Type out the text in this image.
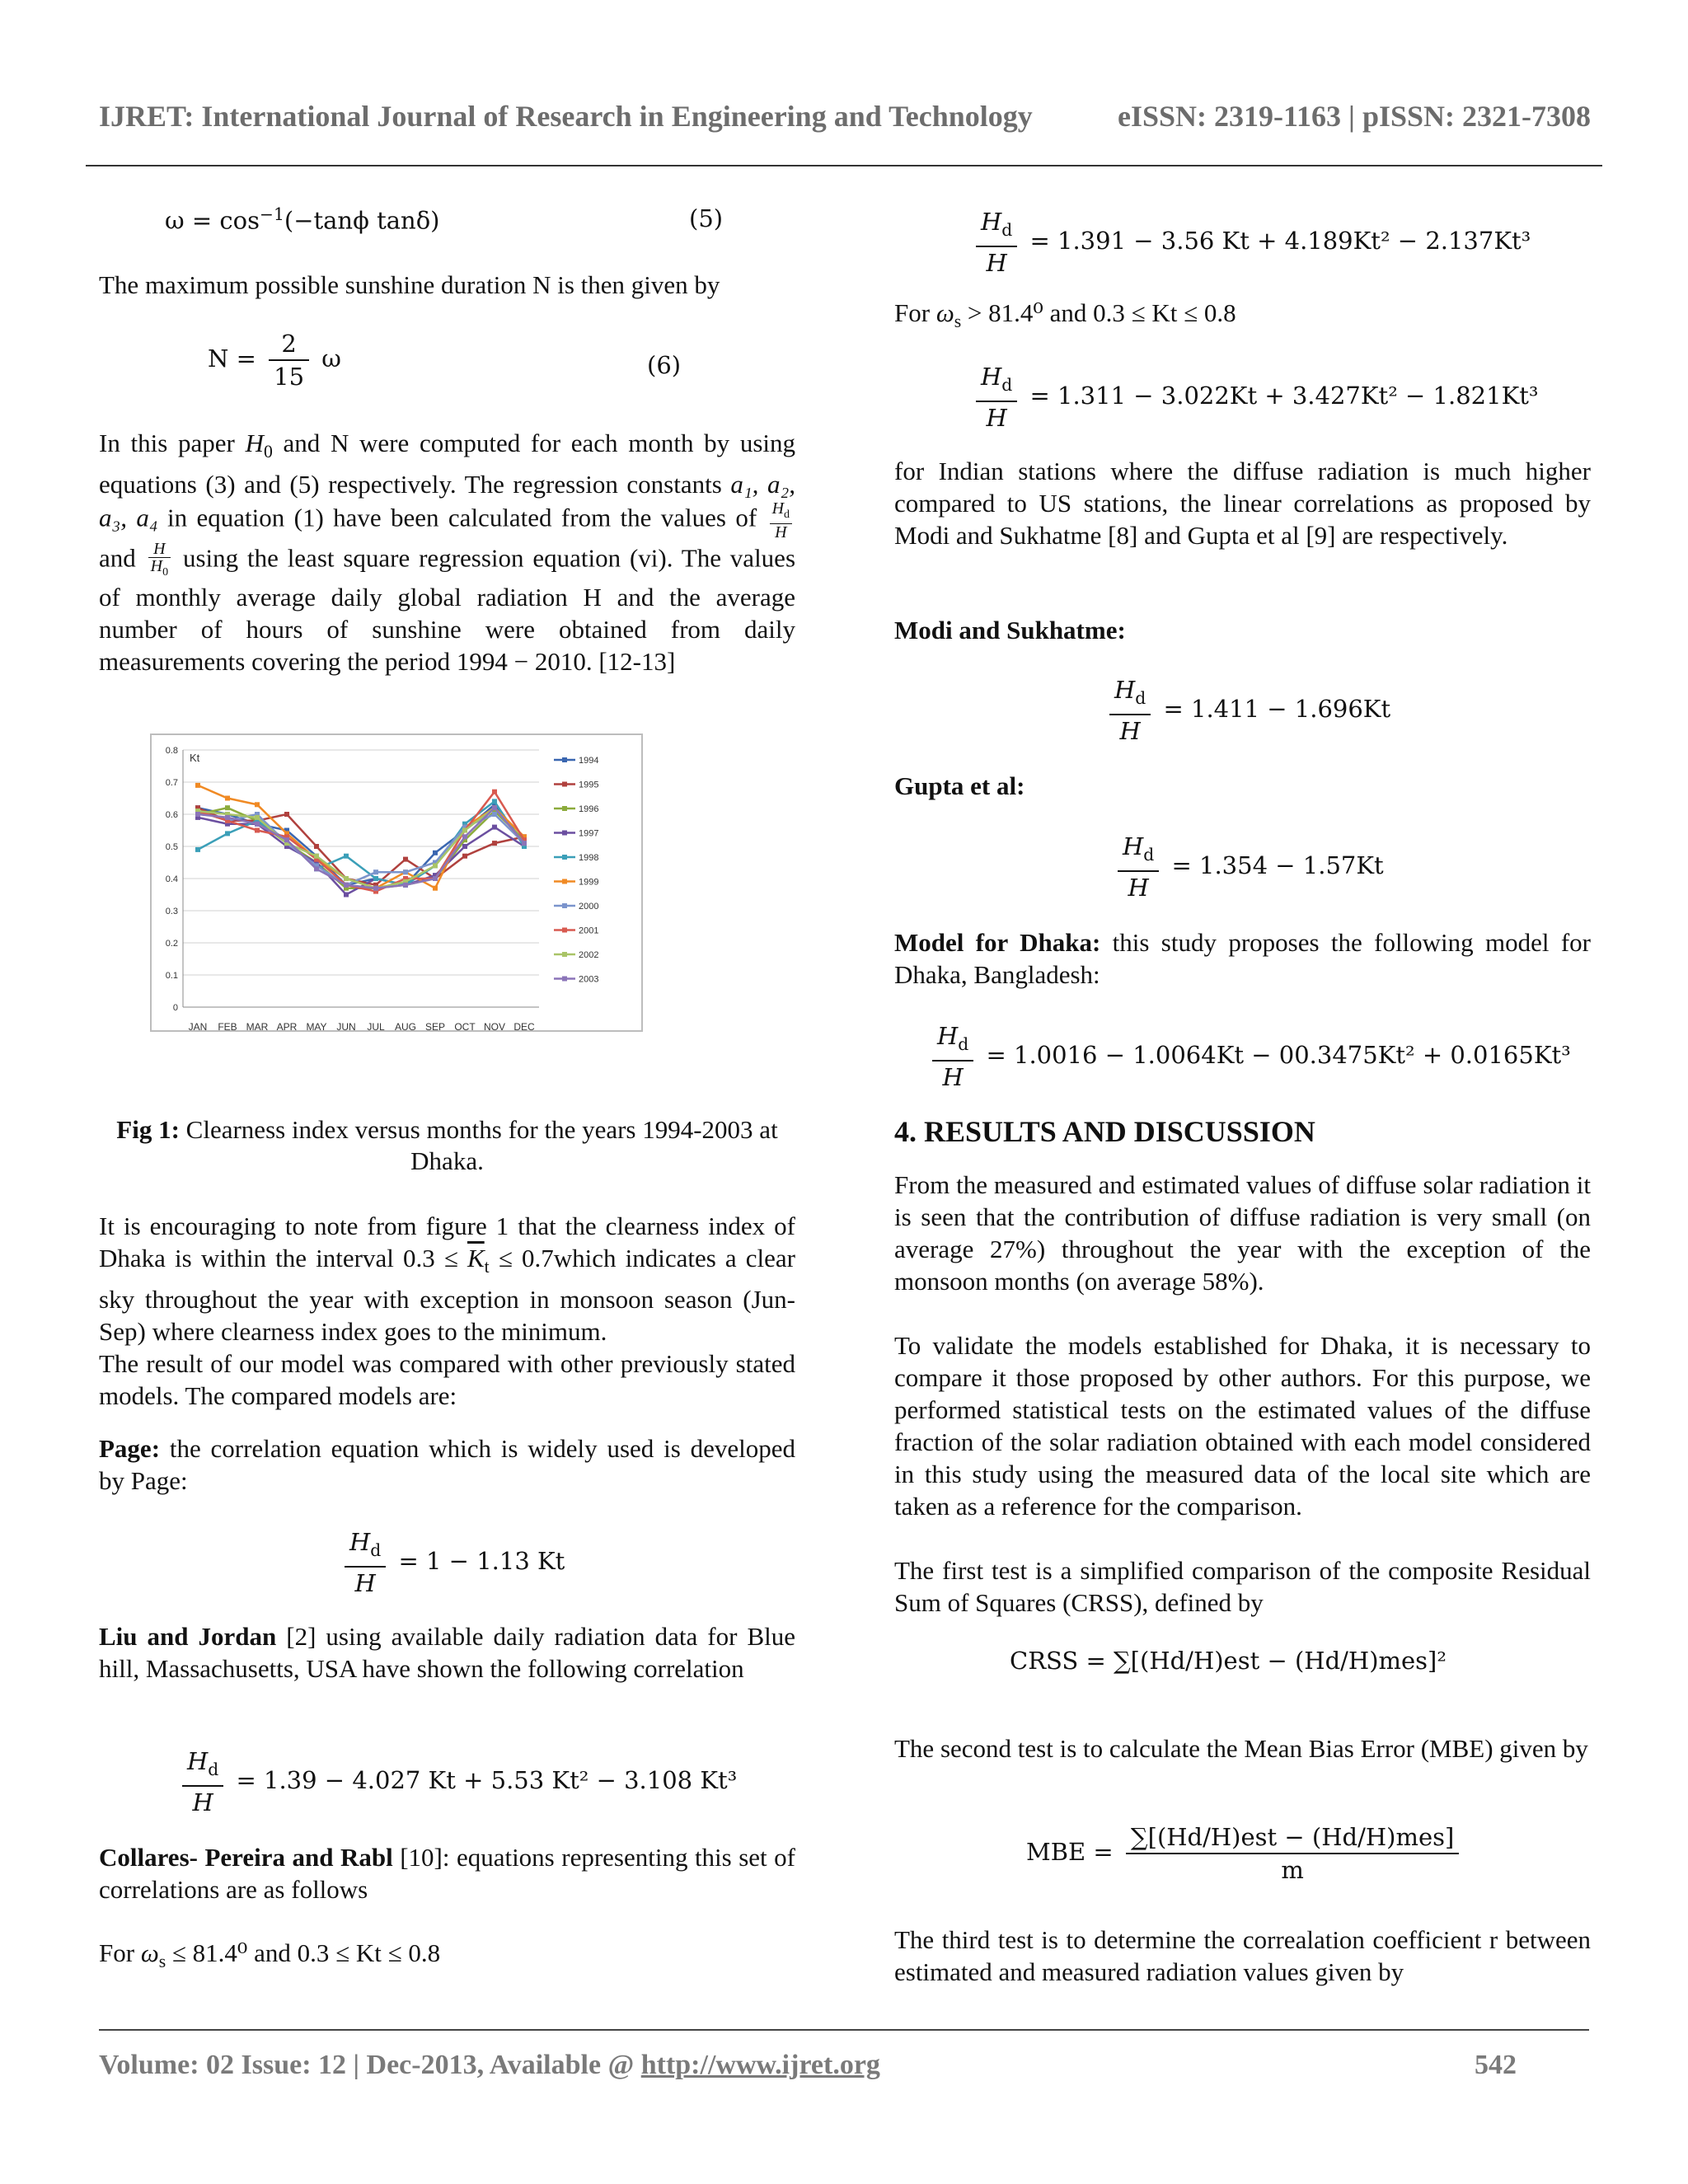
IJRET: International Journal of Research in Engineering and Technology	eISSN: 2319-1163 | pISSN: 2321-7308
$\omega = \cos^{-1}(-\tan\phi$ tanδ)	(5)

The maximum possible sunshine duration N is then given by

$N = \frac{2}{15}$ ω	(6)

In this paper $H_0$ and N were computed for each month by using equations (3) and (5) respectively. The regression constants a₁, a₂, a₃, a₄ in equation (1) have been calculated from the values of $\frac{H_d}{H}$
and $\frac{H}{H_0}$ using the least square regression equation (vi). The values of monthly average daily global radiation H and the average number of hours of sunshine were obtained from daily measurements covering the period 1994 − 2010. [12-13]

0
0.1
0.2
0.3
0.4
0.5
0.6
0.7
0.8
Kt
JAN FEB MAR APR MAY JUN JUL AUG SEP OCT NOV DEC
1994
1995
1996
1997
1998
1999
2000
2001
2002
2003
Fig 1: Clearness index versus months for the years 1994-2003 at Dhaka.

It is encouraging to note from figure 1 that the clearness index of Dhaka is within the interval $0.3 \le \overline{K}_t$ ≤ 0.7which indicates a clear sky throughout the year with exception in monsoon season (Jun-Sep) where clearness index goes to the minimum.

The result of our model was compared with other previously stated models. The compared models are:

Page: the correlation equation which is widely used is developed by Page:

$\frac{H_d}{H} = 1 - 1.13$ Kt

Liu and Jordan [2] using available daily radiation data for Blue hill, Massachusetts, USA have shown the following correlation

$\frac{H_d}{H} = 1.39 - 4.027$ Kt + 5.53 Kt² − 3.108 Kt³

Collares- Pereira and Rabl [10]: equations representing this set of correlations are as follows

For $\omega_s \le 81.4^0$ and 0.3 ≤ Kt ≤ 0.8
$\frac{H_d}{H} = 1.391 - 3.56$ Kt + 4.189Kt² − 2.137Kt³
For $\omega_s > 81.4^0$ and 0.3 ≤ Kt ≤ 0.8
$\frac{H_d}{H} = 1.311 - 3.022Kt + 3.427Kt^2 - 1.821Kt^3$

for Indian stations where the diffuse radiation is much higher compared to US stations, the linear correlations as proposed by Modi and Sukhatme [8] and Gupta et al [9] are respectively.

Modi and Sukhatme:
$\frac{H_d}{H} = 1.411 - 1.696Kt$
Gupta et al:
$\frac{H_d}{H} = 1.354 - 1.57Kt$

Model for Dhaka: this study proposes the following model for Dhaka, Bangladesh:

$\frac{H_d}{H} = 1.0016 - 1.0064Kt - 00.3475Kt^2 + 0.0165Kt^3$
4. RESULTS AND DISCUSSION

From the measured and estimated values of diffuse solar radiation it is seen that the contribution of diffuse radiation is very small (on average 27%) throughout the year with the exception of the monsoon months (on average 58%).

To validate the models established for Dhaka, it is necessary to compare it those proposed by other authors. For this purpose, we performed statistical tests on the estimated values of the diffuse fraction of the solar radiation obtained with each model considered in this study using the measured data of the local site which are taken as a reference for the comparison.

The first test is a simplified comparison of the composite Residual Sum of Squares (CRSS), defined by

CRSS = ∑[(Hd/H)est − (Hd/H)mes]²

The second test is to calculate the Mean Bias Error (MBE) given by

MBE = $\frac{\text{∑[(Hd/H)est − (Hd/H)mes]}}{m}$

The third test is to determine the correalation coefficient r between estimated and measured radiation values given by

Volume: 02 Issue: 12 | Dec-2013, Available @ http://www.ijret.org	542
